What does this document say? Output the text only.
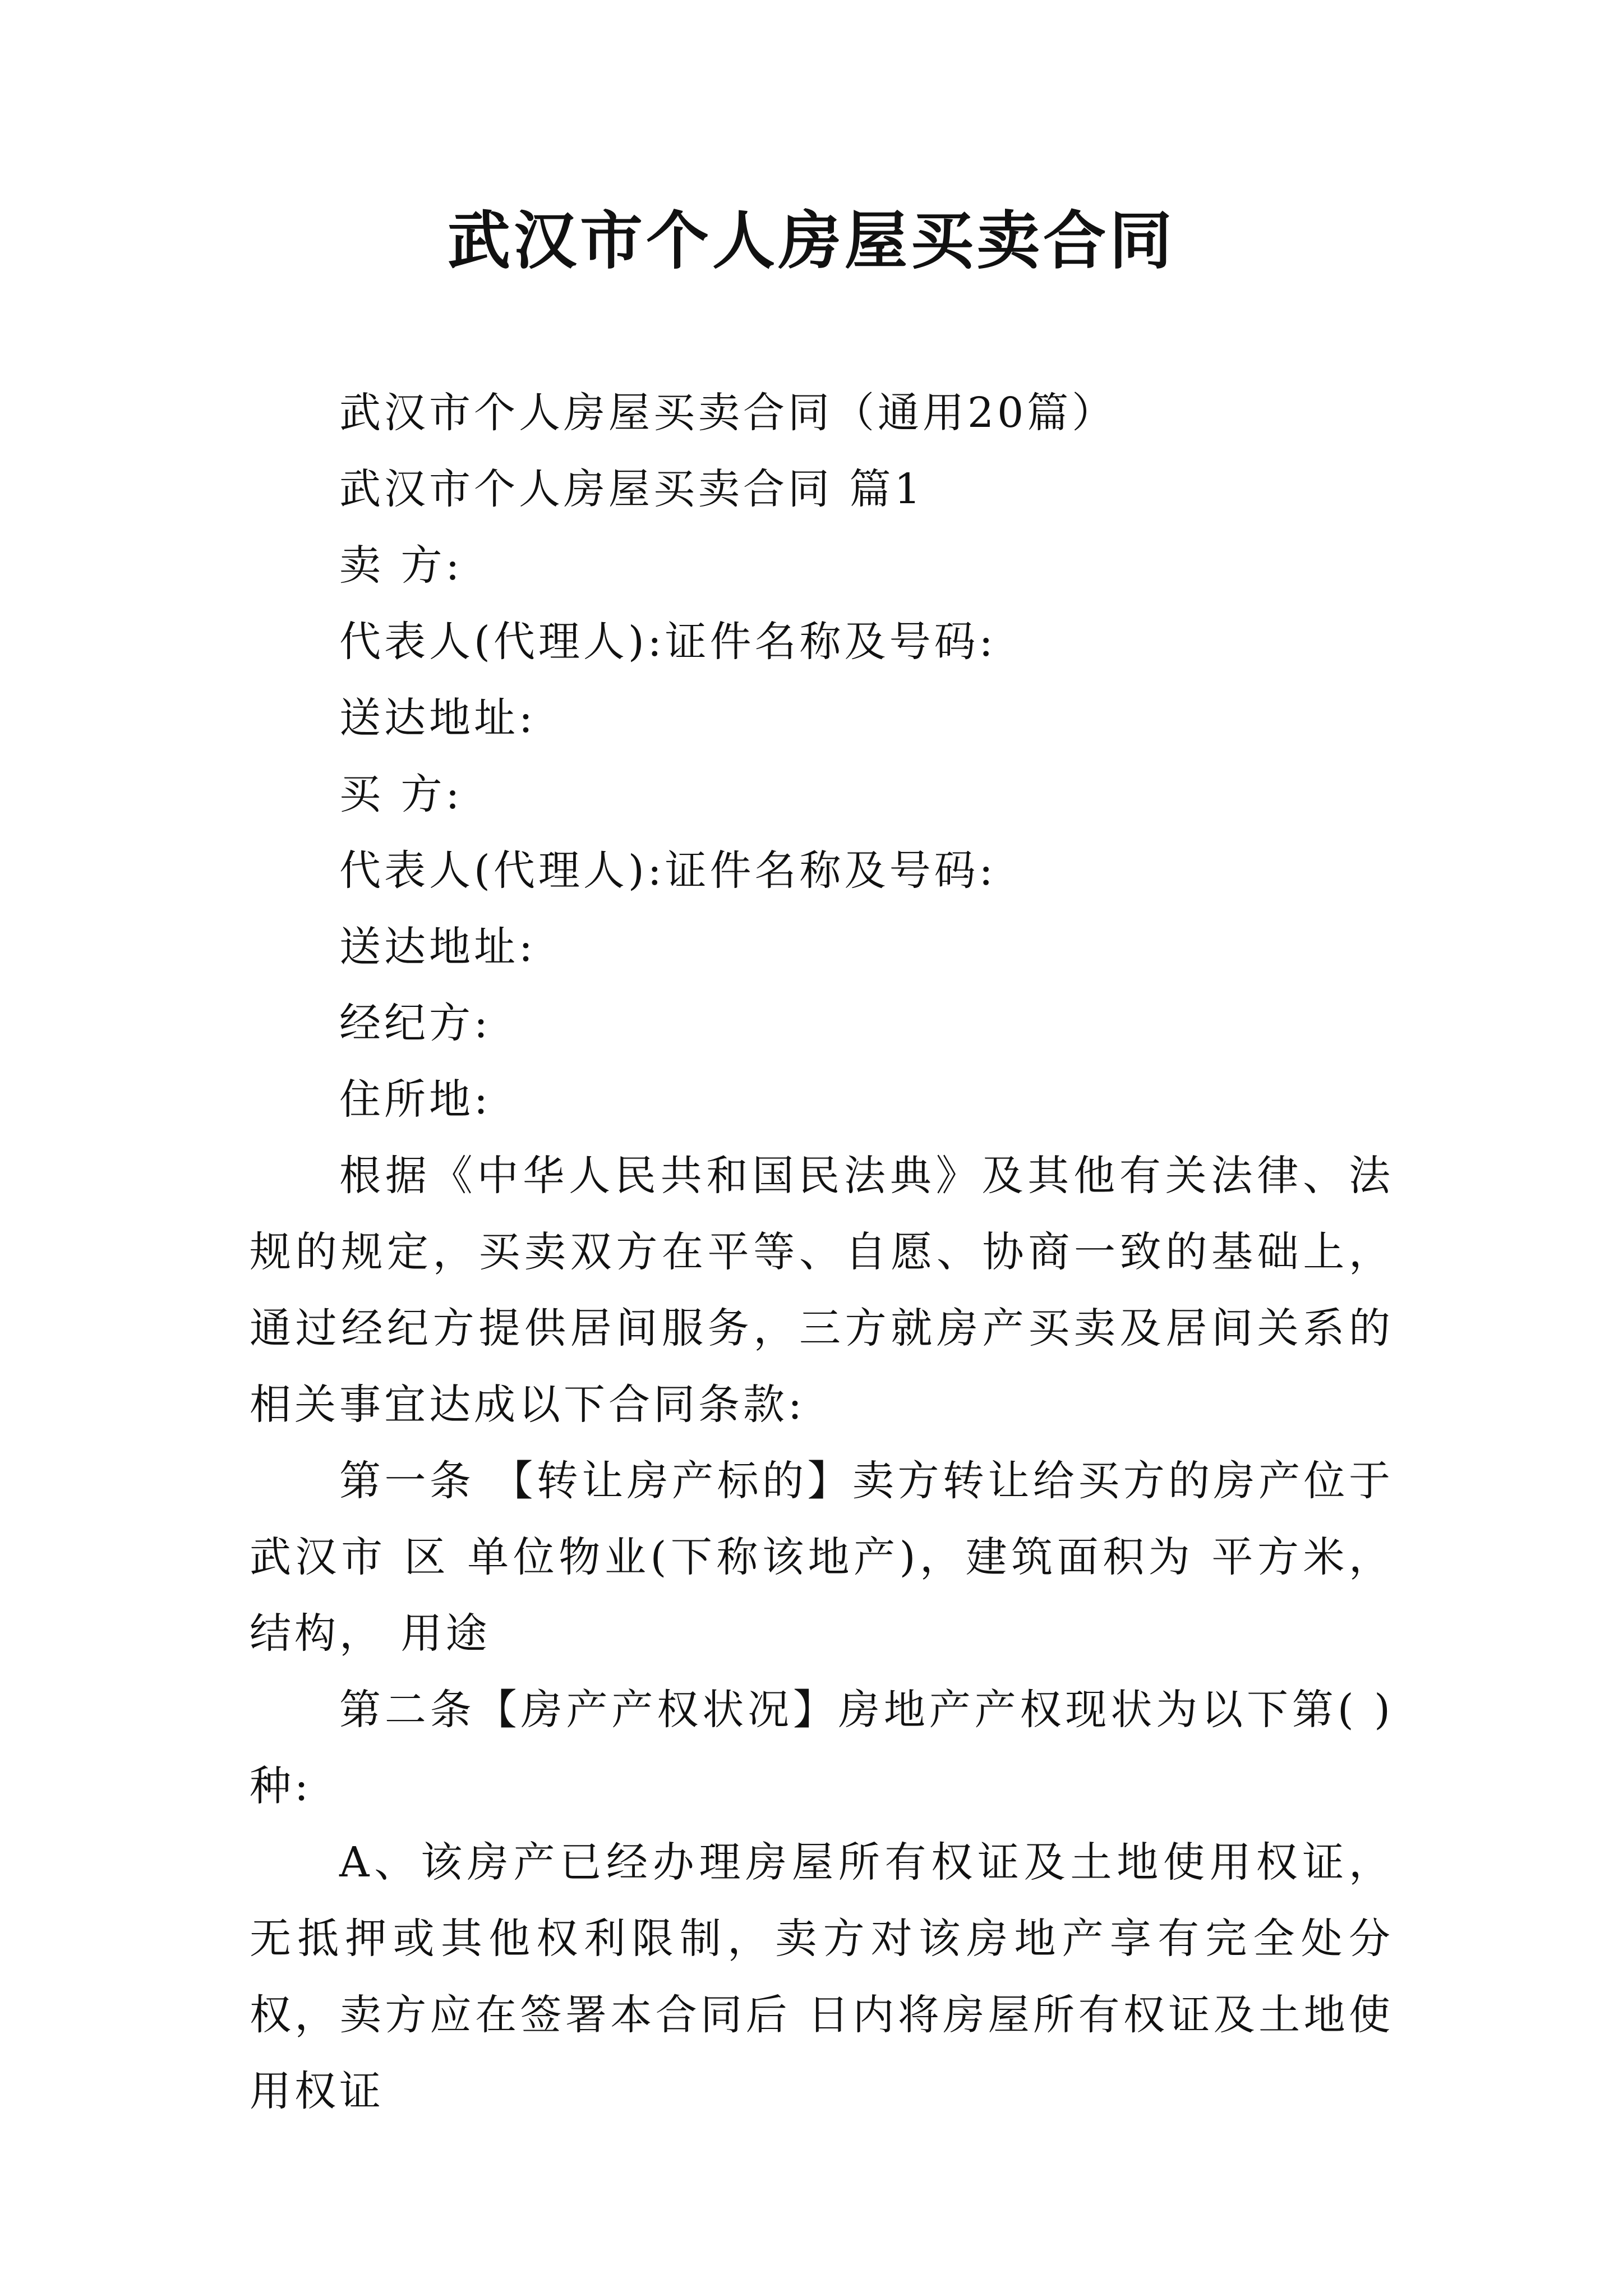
武汉市个人房屋买卖合同

武汉市个人房屋买卖合同（通用20篇）

武汉市个人房屋买卖合同 篇1

卖 方:

代表人(代理人):证件名称及号码:

送达地址:

买 方:

代表人(代理人):证件名称及号码:

送达地址:

经纪方:

住所地:

根据《中华人民共和国民法典》及其他有关法律、法规的规定，买卖双方在平等、自愿、协商一致的基础上，通过经纪方提供居间服务，三方就房产买卖及居间关系的相关事宜达成以下合同条款:

第一条 【转让房产标的】卖方转让给买方的房产位于武汉市 区 单位物业(下称该地产)，建筑面积为 平方米，结构， 用途

第二条【房产产权状况】房地产产权现状为以下第( )种:

A、该房产已经办理房屋所有权证及土地使用权证，无抵押或其他权利限制，卖方对该房地产享有完全处分权，卖方应在签署本合同后 日内将房屋所有权证及土地使用权证
